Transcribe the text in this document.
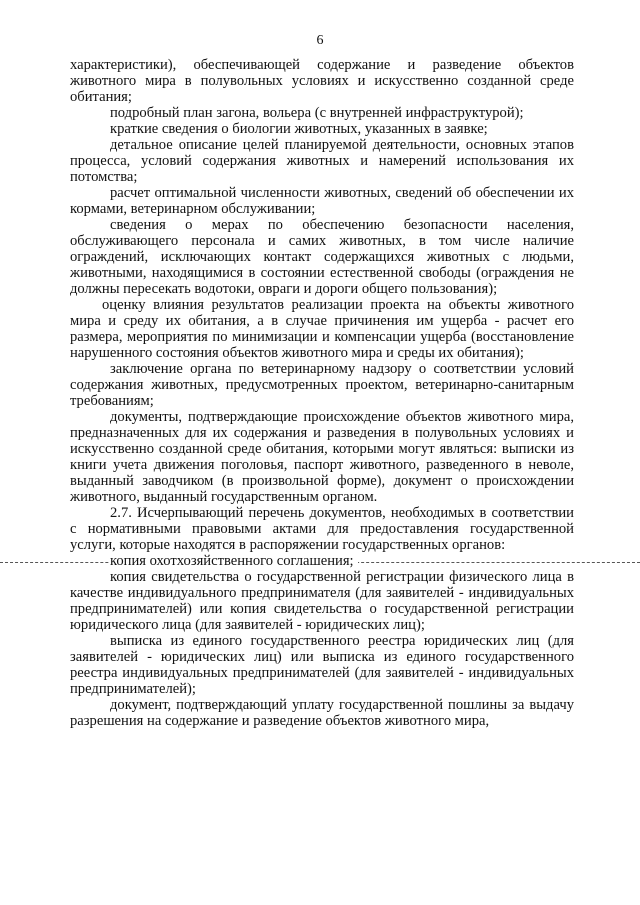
6

характеристики), обеспечивающей содержание и разведение объектов животного мира в полувольных условиях и искусственно созданной среде обитания;

подробный план загона, вольера (с внутренней инфраструктурой);

краткие сведения о биологии животных, указанных в заявке;

детальное описание целей планируемой деятельности, основных этапов процесса, условий содержания животных и намерений использования их потомства;

расчет оптимальной численности животных, сведений об обеспечении их кормами, ветеринарном обслуживании;

сведения о мерах по обеспечению безопасности населения, обслуживающего персонала и самих животных, в том числе наличие ограждений, исключающих контакт содержащихся животных с людьми, животными, находящимися в состоянии естественной свободы (ограждения не должны пересекать водотоки, овраги и дороги общего пользования);

оценку влияния результатов реализации проекта на объекты животного мира и среду их обитания, а в случае причинения им ущерба - расчет его размера, мероприятия по минимизации и компенсации ущерба (восстановление нарушенного состояния объектов животного мира и среды их обитания);

заключение органа по ветеринарному надзору о соответствии условий содержания животных, предусмотренных проектом, ветеринарно-санитарным требованиям;

документы, подтверждающие происхождение объектов животного мира, предназначенных для их содержания и разведения в полувольных условиях и искусственно созданной среде обитания, которыми могут являться: выписки из книги учета движения поголовья, паспорт животного, разведенного в неволе, выданный заводчиком (в произвольной форме), документ о происхождении животного, выданный государственным органом.

2.7. Исчерпывающий перечень документов, необходимых в соответствии с нормативными правовыми актами для предоставления государственной услуги, которые находятся в распоряжении государственных органов:

копия охотхозяйственного соглашения;

копия свидетельства о государственной регистрации физического лица в качестве индивидуального предпринимателя (для заявителей - индивидуальных предпринимателей) или копия свидетельства о государственной регистрации юридического лица (для заявителей - юридических лиц);

выписка из единого государственного реестра юридических лиц (для заявителей - юридических лиц) или выписка из единого государственного реестра индивидуальных предпринимателей (для заявителей - индивидуальных предпринимателей);

документ, подтверждающий уплату государственной пошлины за выдачу разрешения на содержание и разведение объектов животного мира,
